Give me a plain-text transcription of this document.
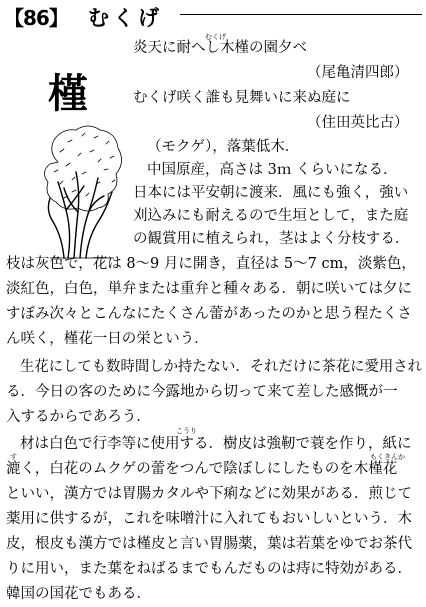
【86】 むくげ
槿
むくげ
炎天に耐へし木槿の園夕べ
（尾亀清四郎）
むくげ咲く誰も見舞いに来ぬ庭に
（住田英比古）
（モクゲ），落葉低木．
中国原産，高さは 3ｍ くらいになる．
日本には平安朝に渡来．風にも強く，強い
刈込みにも耐えるので生垣として，また庭
の観賞用に植えられ，茎はよく分枝する．
枝は灰色で，花は 8～9 月に開き，直径は 5～7 cm，淡紫色，
淡紅色，白色，単弁または重弁と種々ある．朝に咲いては夕に
すぼみ次々とこんなにたくさん蕾があったのかと思う程たくさ
ん咲く，槿花一日の栄という．
生花にしても数時間しか持たない．それだけに茶花に愛用され
る．今日の客のために今露地から切って来て差した感慨が一
入するからであろう．
こうり
材は白色で行李等に使用する．樹皮は強靭で蓑を作り，紙に
す	もくきんか
漉く，白花のムクゲの蕾をつんで陰ぼしにしたものを木槿花
といい，漢方では胃腸カタルや下痢などに効果がある．煎じて
薬用に供するが，これを味噌汁に入れてもおいしいという．木
皮，根皮も漢方では槿皮と言い胃腸薬，葉は若葉をゆでお茶代
りに用い，また葉をねばるまでもんだものは痔に特効がある．
韓国の国花でもある．
